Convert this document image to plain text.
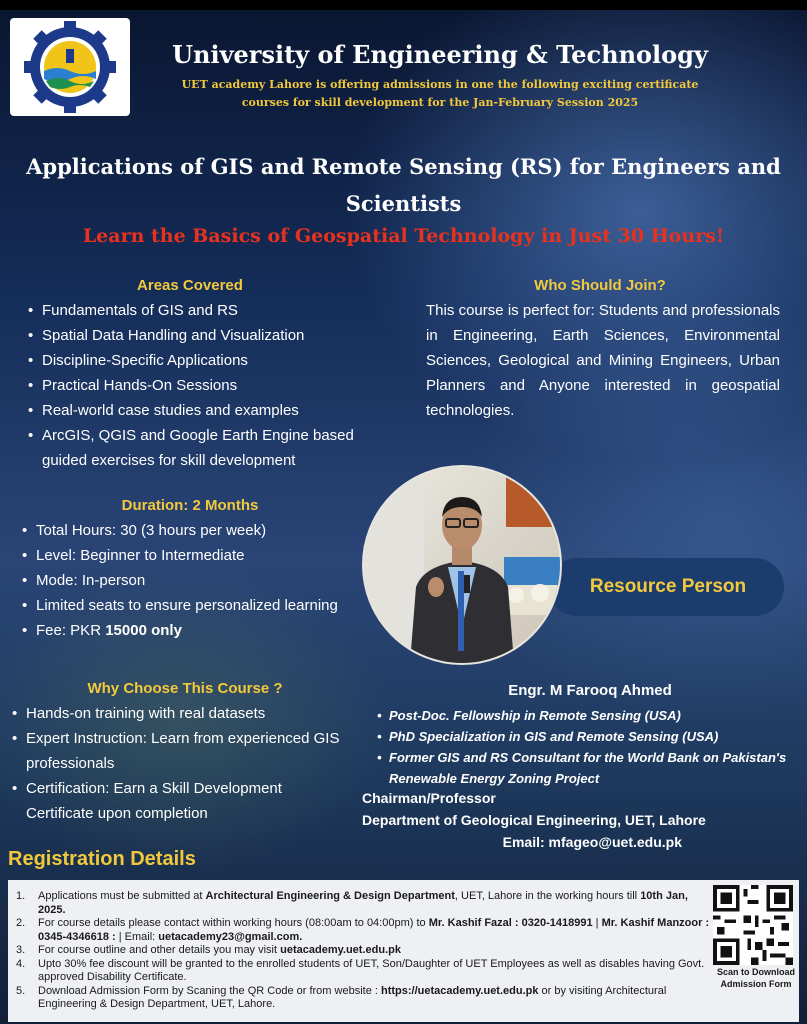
University of Engineering & Technology
UET academy Lahore is offering admissions in one the following exciting certificate
courses for skill development for the Jan-February Session 2025
Applications of GIS and Remote Sensing (RS) for Engineers and
Scientists
Learn the Basics of Geospatial Technology in Just 30 Hours!
Areas Covered
• Fundamentals of GIS and RS
• Spatial Data Handling and Visualization
• Discipline-Specific Applications
• Practical Hands-On Sessions
• Real-world case studies and examples
• ArcGIS, QGIS and Google Earth Engine based guided exercises for skill development
Duration: 2 Months
• Total Hours: 30 (3 hours per week)
• Level: Beginner to Intermediate
• Mode: In-person
• Limited seats to ensure personalized learning
• Fee: PKR 15000 only
Why Choose This Course ?
• Hands-on training with real datasets
• Expert Instruction: Learn from experienced GIS professionals
• Certification: Earn a Skill Development Certificate upon completion
Who Should Join?
This course is perfect for: Students and professionals in Engineering, Earth Sciences, Environmental Sciences, Geological and Mining Engineers, Urban Planners and Anyone interested in geospatial technologies.
Resource Person
Engr. M Farooq Ahmed
• Post-Doc. Fellowship in Remote Sensing (USA)
• PhD Specialization in GIS and Remote Sensing (USA)
• Former GIS and RS Consultant for the World Bank on Pakistan's Renewable Energy Zoning Project
Chairman/Professor
Department of Geological Engineering, UET, Lahore
Email: mfageo@uet.edu.pk
Registration Details
1. Applications must be submitted at Architectural Engineering & Design Department, UET, Lahore in the working hours till 10th Jan, 2025.
2. For course details please contact within working hours (08:00am to 04:00pm) to Mr. Kashif Fazal : 0320-1418991 | Mr. Kashif Manzoor : 0345-4346618 : | Email: uetacademy23@gmail.com.
3. For course outline and other details you may visit uetacademy.uet.edu.pk
4. Upto 30% fee discount will be granted to the enrolled students of UET, Son/Daughter of UET Employees as well as disables having Govt. approved Disability Certificate.
5. Download Admission Form by Scaning the QR Code or from website : https://uetacademy.uet.edu.pk or by visiting Architectural Engineering & Design Department, UET, Lahore.
Scan to Download
Admission Form
